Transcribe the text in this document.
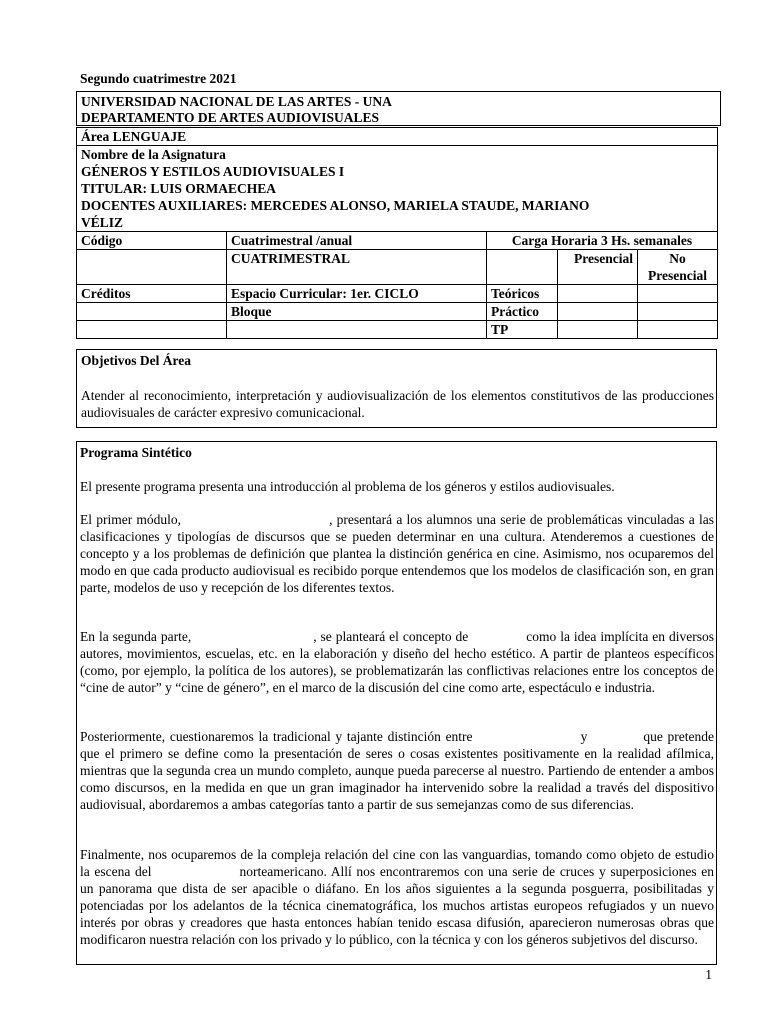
Segundo cuatrimestre 2021
UNIVERSIDAD NACIONAL DE LAS ARTES - UNA
DEPARTAMENTO DE ARTES AUDIOVISUALES
Área LENGUAJE				

Nombre de la Asignatura
GÉNEROS Y ESTILOS AUDIOVISUALES I
TITULAR: LUIS ORMAECHEA
DOCENTES AUXILIARES: MERCEDES ALONSO, MARIELA STAUDE, MARIANO
VÉLIZ				

Código	Cuatrimestral /anual	Carga Horaria 3 Hs. semanales		
	CUATRIMESTRAL		Presencial	No
Presencial

Créditos	Espacio Curricular: 1er. CICLO	Teóricos		
	Bloque	Práctico		
		TP		
Objetivos Del Área
Atender al reconocimiento, interpretación y audiovisualización de los elementos constitutivos de las producciones audiovisuales de carácter expresivo comunicacional.
Programa Sintético
El presente programa presenta una introducción al problema de los géneros y estilos audiovisuales.
El primer módulo,	, presentará a los alumnos una serie de problemáticas vinculadas a las clasificaciones y tipologías de discursos que se pueden determinar en una cultura. Atenderemos a cuestiones de concepto y a los problemas de definición que plantea la distinción genérica en cine. Asimismo, nos ocuparemos del modo en que cada producto audiovisual es recibido porque entendemos que los modelos de clasificación son, en gran parte, modelos de uso y recepción de los diferentes textos.
En la segunda parte,	, se planteará el concepto de	como la idea implícita en diversos autores, movimientos, escuelas, etc. en la elaboración y diseño del hecho estético. A partir de planteos específicos (como, por ejemplo, la política de los autores), se problematizarán las conflictivas relaciones entre los conceptos de “cine de autor” y “cine de género”, en el marco de la discusión del cine como arte, espectáculo e industria.
Posteriormente, cuestionaremos la tradicional y tajante distinción entre	y	que pretende que el primero se define como la presentación de seres o cosas existentes positivamente en la realidad afílmica, mientras que la segunda crea un mundo completo, aunque pueda parecerse al nuestro. Partiendo de entender a ambos como discursos, en la medida en que un gran imaginador ha intervenido sobre la realidad a través del dispositivo audiovisual, abordaremos a ambas categorías tanto a partir de sus semejanzas como de sus diferencias.
Finalmente, nos ocuparemos de la compleja relación del cine con las vanguardias, tomando como objeto de estudio la escena del	norteamericano. Allí nos encontraremos con una serie de cruces y superposiciones en un panorama que dista de ser apacible o diáfano. En los años siguientes a la segunda posguerra, posibilitadas y potenciadas por los adelantos de la técnica cinematográfica, los muchos artistas europeos refugiados y un nuevo interés por obras y creadores que hasta entonces habían tenido escasa difusión, aparecieron numerosas obras que modificaron nuestra relación con los privado y lo público, con la técnica y con los géneros subjetivos del discurso.
1
